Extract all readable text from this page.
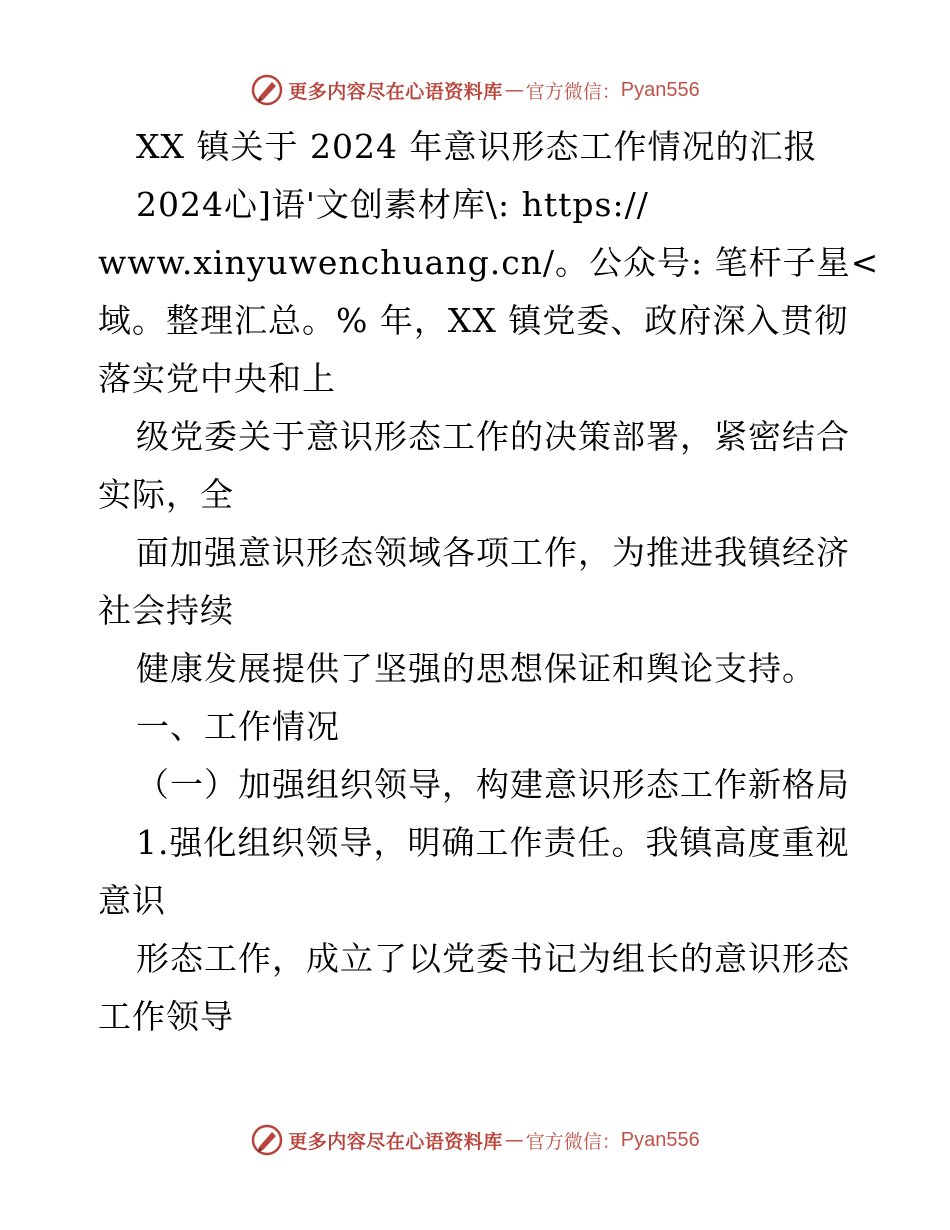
更多内容尽在心语资料库 — 官方微信： Pyan556
XX 镇关于 2024 年意识形态工作情况的汇报
2024心]语'文创素材库\: https://
www.xinyuwenchuang.cn/。公众号: 笔杆子星<
域。整理汇总。% 年，XX 镇党委、政府深入贯彻
落实党中央和上
级党委关于意识形态工作的决策部署，紧密结合
实际，全
面加强意识形态领域各项工作，为推进我镇经济
社会持续
健康发展提供了坚强的思想保证和舆论支持。
一、工作情况
（一）加强组织领导，构建意识形态工作新格局
1.强化组织领导，明确工作责任。我镇高度重视
意识
形态工作，成立了以党委书记为组长的意识形态
工作领导
更多内容尽在心语资料库 — 官方微信： Pyan556
